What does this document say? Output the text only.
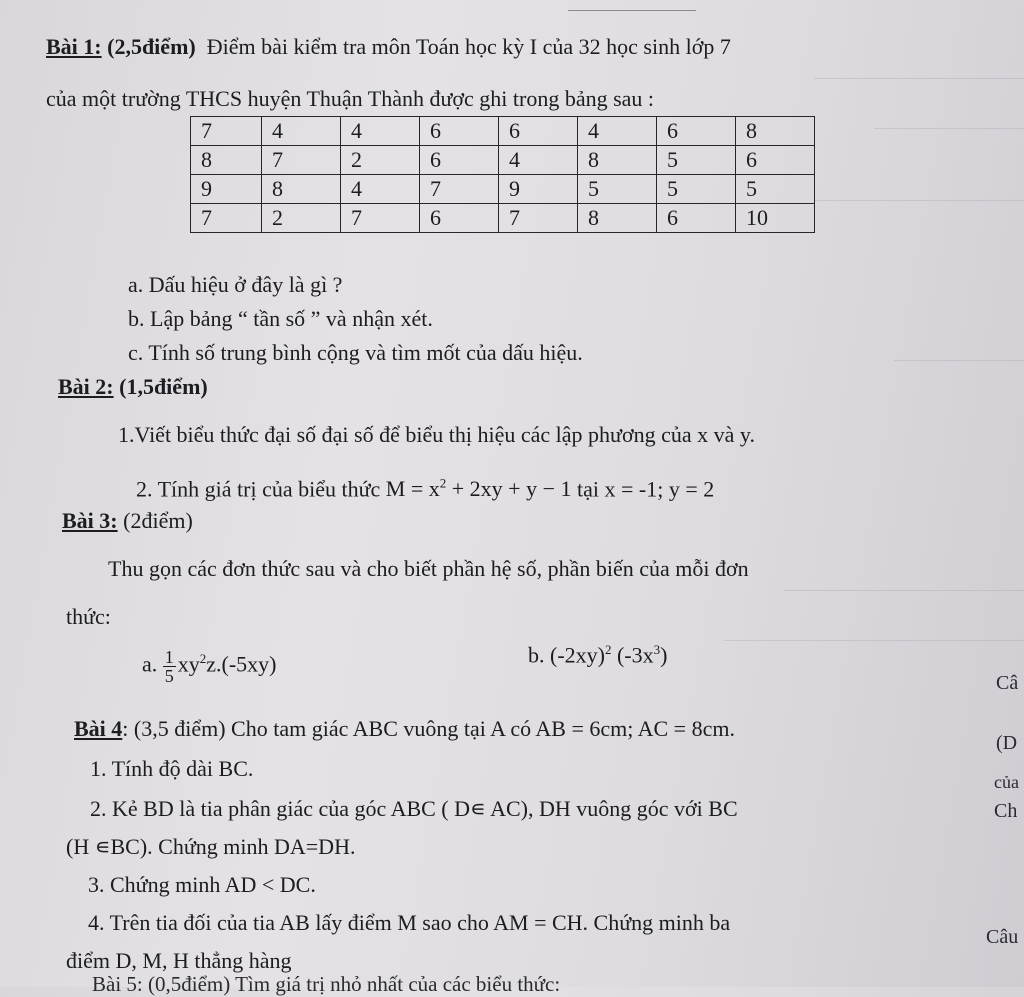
Bài 1: (2,5điểm) Điểm bài kiểm tra môn Toán học kỳ I của 32 học sinh lớp 7
của một trường THCS huyện Thuận Thành được ghi trong bảng sau :
7	4	4	6	6	4	6	8
8	7	2	6	4	8	5	6
9	8	4	7	9	5	5	5
7	2	7	6	7	8	6	10
a. Dấu hiệu ở đây là gì ?
b. Lập bảng “ tần số ” và nhận xét.
c. Tính số trung bình cộng và tìm mốt của dấu hiệu.
Bài 2: (1,5điểm)
1.Viết biểu thức đại số đại số để biểu thị hiệu các lập phương của x và y.
2. Tính giá trị của biểu thức $M = x^2 + 2xy + y - 1$ tại x = -1; y = 2
Bài 3: (2điểm)
Thu gọn các đơn thức sau và cho biết phần hệ số, phần biến của mỗi đơn
thức:
a. $\frac{1}{5} xy^2z.(-5xy)$	b. $(-2xy)^2$ $(-3x^3)$
Bài 4: (3,5 điểm) Cho tam giác ABC vuông tại A có AB = 6cm; AC = 8cm.
1. Tính độ dài BC.
2. Kẻ BD là tia phân giác của góc ABC ( D∊ AC), DH vuông góc với BC
(H ∊BC). Chứng minh DA=DH.
3. Chứng minh AD < DC.
4. Trên tia đối của tia AB lấy điểm M sao cho AM = CH. Chứng minh ba
điểm D, M, H thẳng hàng
Bài 5: (0,5điểm) Tìm giá trị nhỏ nhất của các biểu thức:
Câ
(D
của
Ch
Câu
